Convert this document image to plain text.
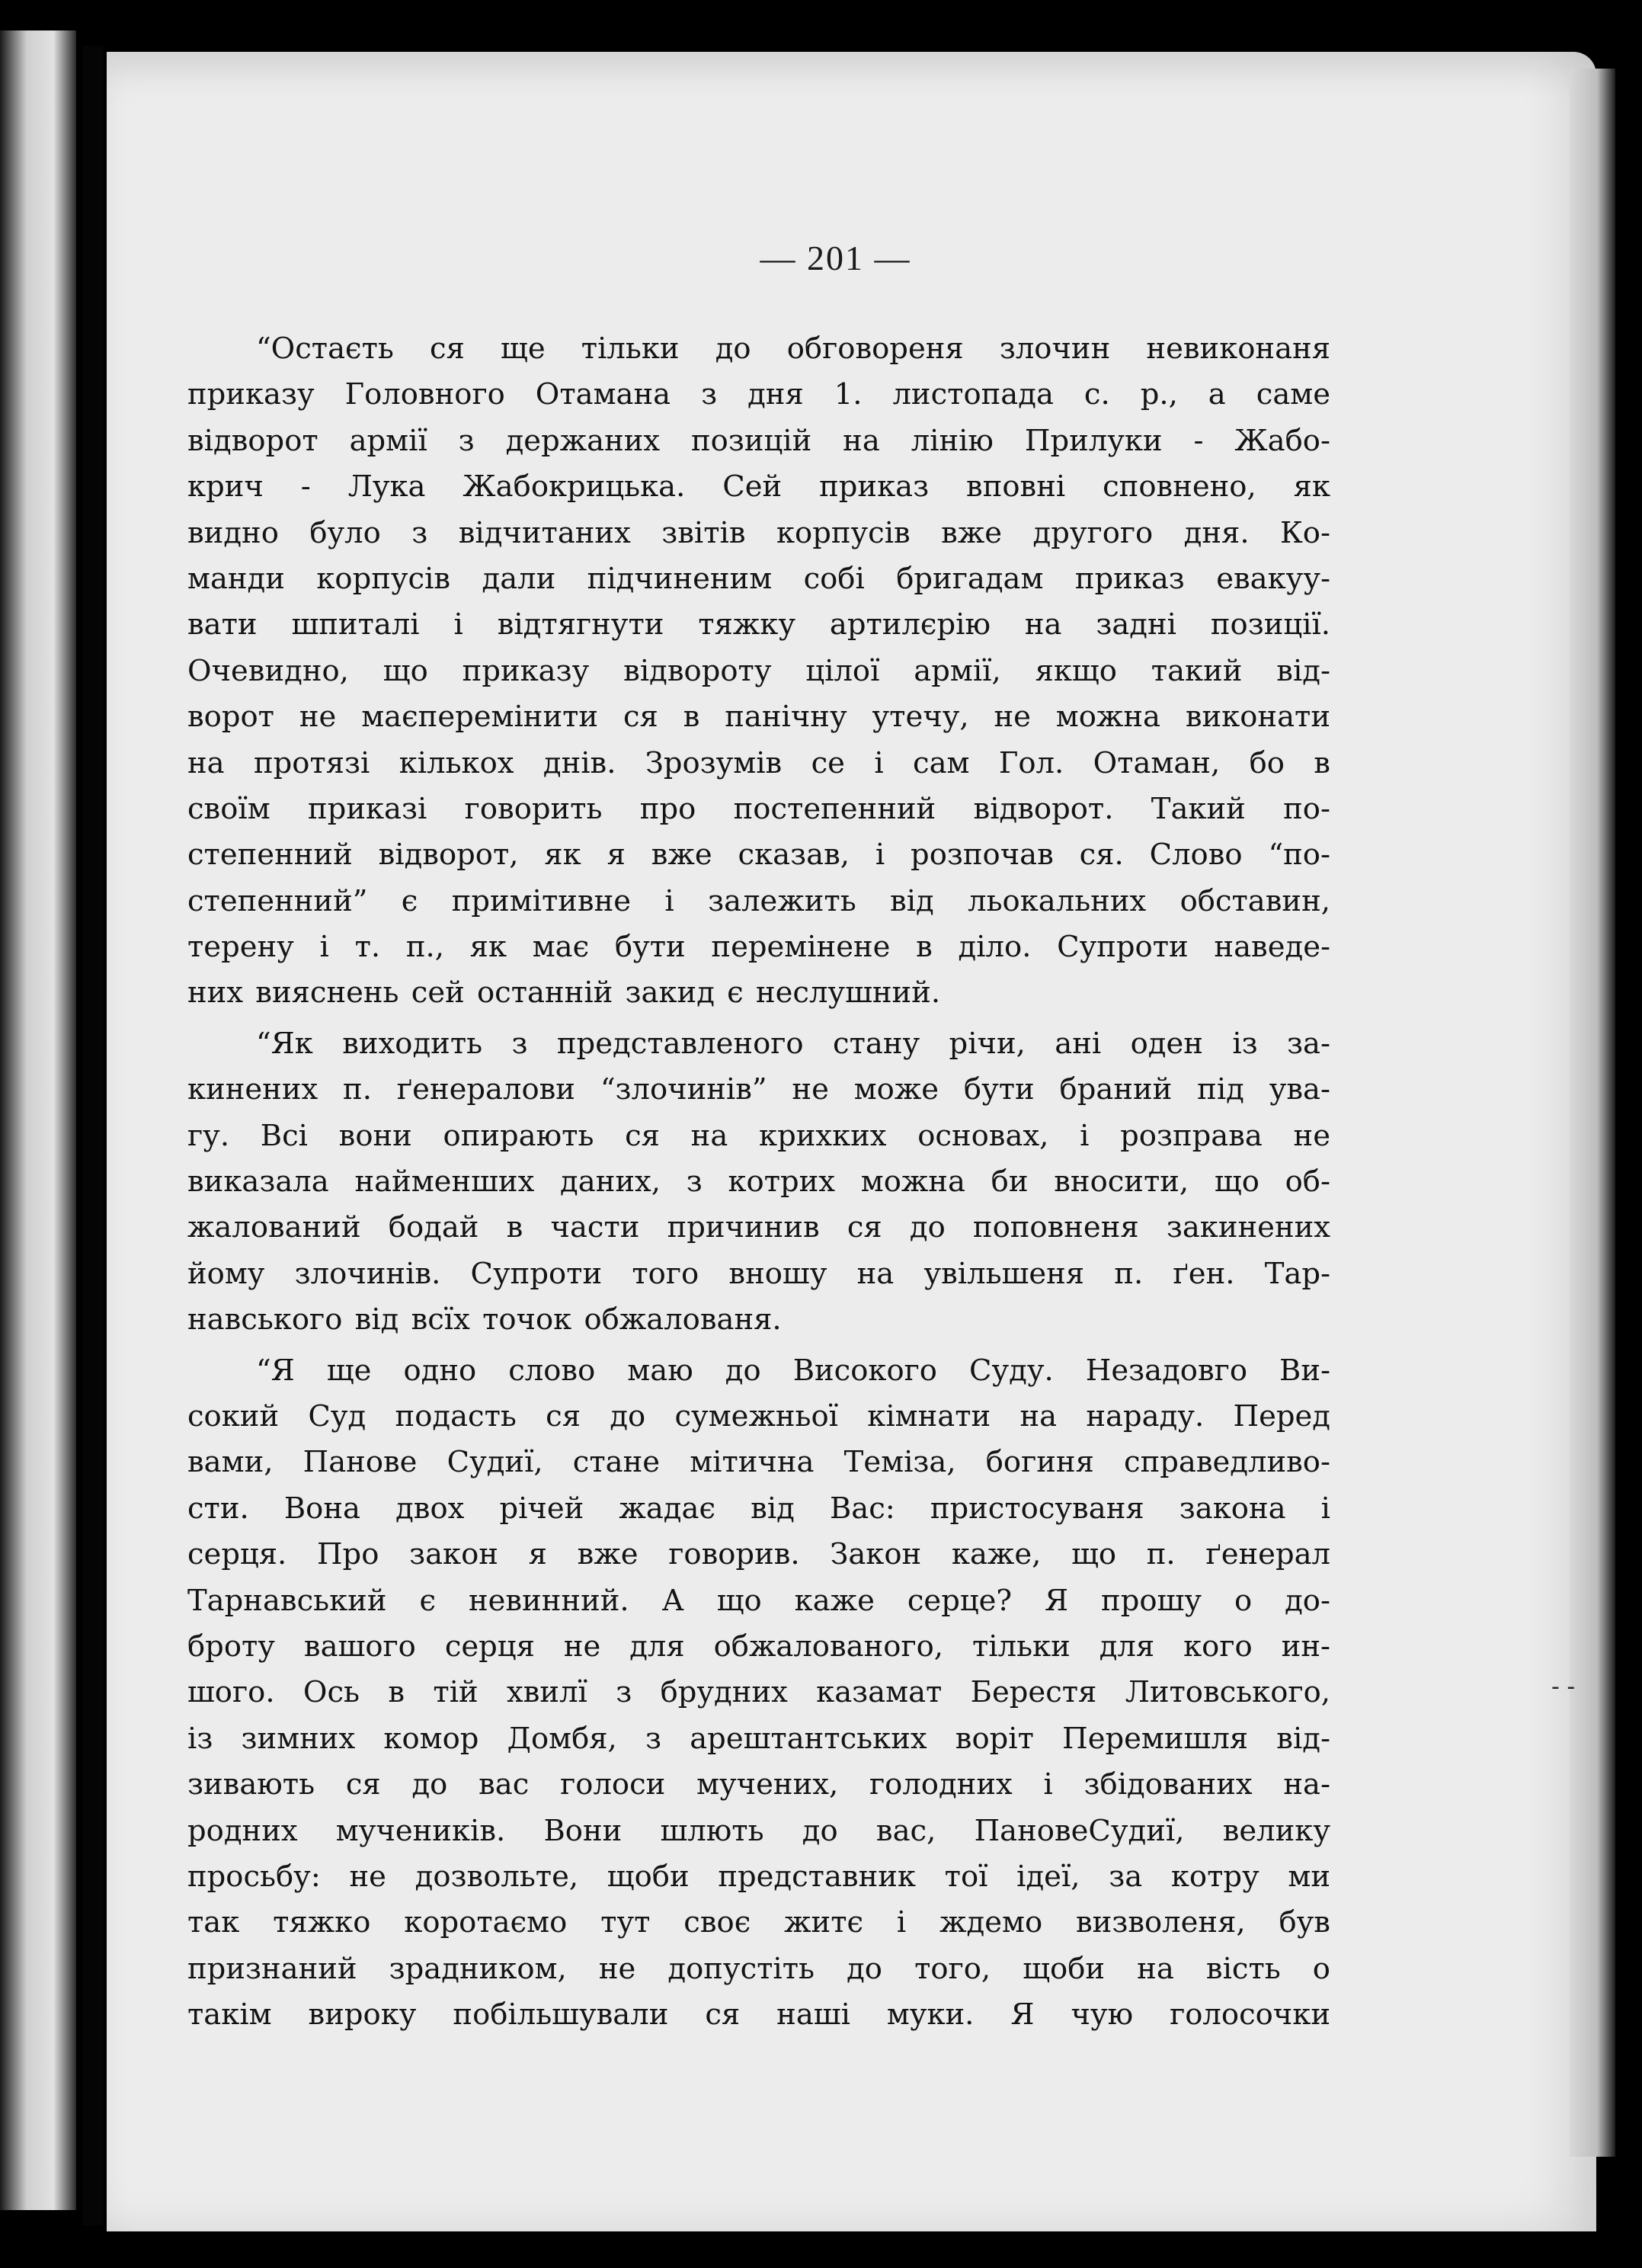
— 201 —
“Остаєть ся ще тільки до обговореня злочин невиконаня
приказу Головного Отамана з дня 1. листопада с. р., а саме
відворот армії з держаних позицій на лінію Прилуки - Жабо-
крич - Лука Жабокрицька. Сей приказ вповні сповнено, як
видно було з відчитаних звітів корпусів вже другого дня. Ко-
манди корпусів дали підчиненим собі бригадам приказ евакуу-
вати шпиталі і відтягнути тяжку артилєрію на задні позиції.
Очевидно, що приказу відвороту цілої армії, якщо такий від-
ворот не маєперемінити ся в панічну утечу, не можна виконати
на протязі кількох днів. Зрозумів се і сам Гол. Отаман, бо в
своїм приказі говорить про постепенний відворот. Такий по-
степенний відворот, як я вже сказав, і розпочав ся. Слово “по-
степенний” є примітивне і залежить від льокальних обставин,
терену і т. п., як має бути перемінене в діло. Супроти наведе-
них вияснень сей останній закид є неслушний.
“Як виходить з представленого стану річи, ані оден із за-
кинених п. ґенералови “злочинів” не може бути браний під ува-
гу. Всі вони опирають ся на крихких основах, і розправа не
виказала найменших даних, з котрих можна би вносити, що об-
жалований бодай в части причинив ся до поповненя закинених
йому злочинів. Супроти того вношу на увільшеня п. ґен. Тар-
навського від всїх точок обжалованя.
“Я ще одно слово маю до Високого Суду. Незадовго Ви-
сокий Суд подасть ся до сумежньої кімнати на нараду. Перед
вами, Панове Судиї, стане мітична Теміза, богиня справедливо-
сти. Вона двох річей жадає від Вас: пристосуваня закона і
серця. Про закон я вже говорив. Закон каже, що п. ґенерал
Тарнавський є невинний. А що каже серце? Я прошу о до-
броту вашого серця не для обжалованого, тільки для кого ин-
шого. Ось в тій хвилї з брудних казамат Берестя Литовського,
із зимних комор Домбя, з арештантських воріт Перемишля від-
зивають ся до вас голоси мучених, голодних і збідованих на-
родних мучеників. Вони шлють до вас, ПановеСудиї, велику
просьбу: не дозвольте, щоби представник тої ідеї, за котру ми
так тяжко коротаємо тут своє житє і ждемо визволеня, був
признаний зрадником, не допустіть до того, щоби на вість о
такім вироку побільшували ся наші муки. Я чую голосочки
- -
